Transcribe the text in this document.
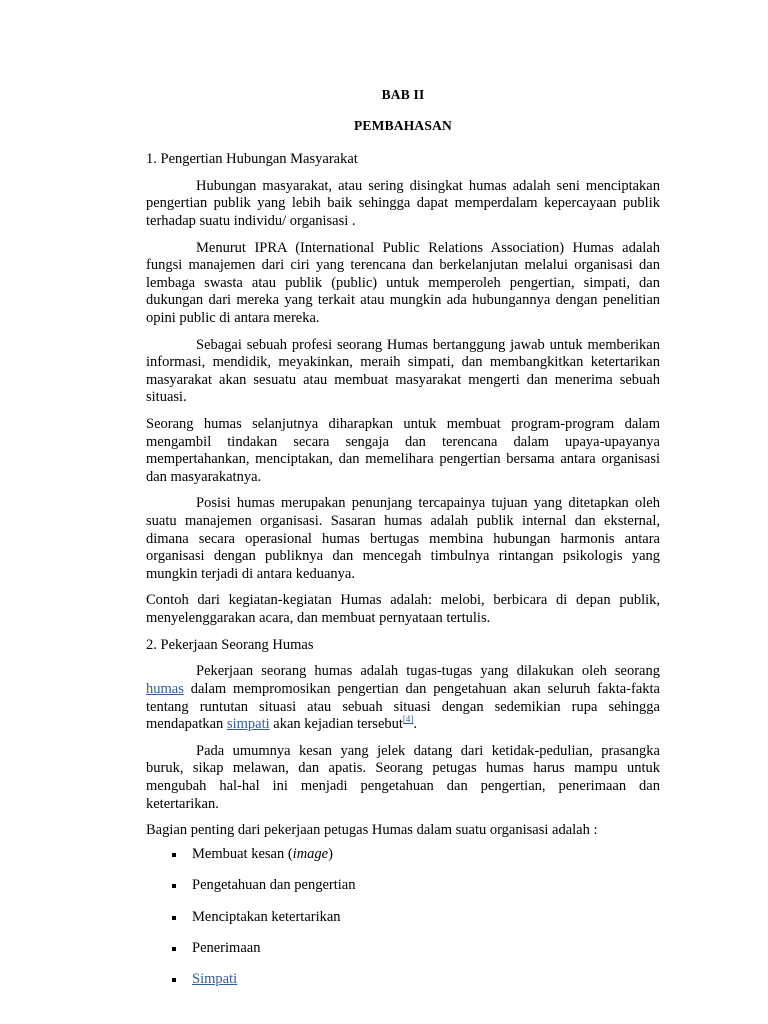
BAB II
PEMBAHASAN
1. Pengertian Hubungan Masyarakat

Hubungan masyarakat, atau sering disingkat humas adalah seni menciptakan pengertian publik yang lebih baik sehingga dapat memperdalam kepercayaan publik terhadap suatu individu/ organisasi .

Menurut IPRA (International Public Relations Association) Humas adalah fungsi manajemen dari ciri yang terencana dan berkelanjutan melalui organisasi dan lembaga swasta atau publik (public) untuk memperoleh pengertian, simpati, dan dukungan dari mereka yang terkait atau mungkin ada hubungannya dengan penelitian opini public di antara mereka.

Sebagai sebuah profesi seorang Humas bertanggung jawab untuk memberikan informasi, mendidik, meyakinkan, meraih simpati, dan membangkitkan ketertarikan masyarakat akan sesuatu atau membuat masyarakat mengerti dan menerima sebuah situasi.

Seorang humas selanjutnya diharapkan untuk membuat program-program dalam mengambil tindakan secara sengaja dan terencana dalam upaya-upayanya mempertahankan, menciptakan, dan memelihara pengertian bersama antara organisasi dan masyarakatnya.

Posisi humas merupakan penunjang tercapainya tujuan yang ditetapkan oleh suatu manajemen organisasi. Sasaran humas adalah publik internal dan eksternal, dimana secara operasional humas bertugas membina hubungan harmonis antara organisasi dengan publiknya dan mencegah timbulnya rintangan psikologis yang mungkin terjadi di antara keduanya.

Contoh dari kegiatan-kegiatan Humas adalah: melobi, berbicara di depan publik, menyelenggarakan acara, dan membuat pernyataan tertulis.

2. Pekerjaan Seorang Humas

Pekerjaan seorang humas adalah tugas-tugas yang dilakukan oleh seorang humas dalam mempromosikan pengertian dan pengetahuan akan seluruh fakta-fakta tentang runtutan situasi atau sebuah situasi dengan sedemikian rupa sehingga mendapatkan simpati akan kejadian tersebut[4].

Pada umumnya kesan yang jelek datang dari ketidak-pedulian, prasangka buruk, sikap melawan, dan apatis. Seorang petugas humas harus mampu untuk mengubah hal-hal ini menjadi pengetahuan dan pengertian, penerimaan dan ketertarikan.

Bagian penting dari pekerjaan petugas Humas dalam suatu organisasi adalah :

Membuat kesan (image)
Pengetahuan dan pengertian
Menciptakan ketertarikan
Penerimaan
Simpati
